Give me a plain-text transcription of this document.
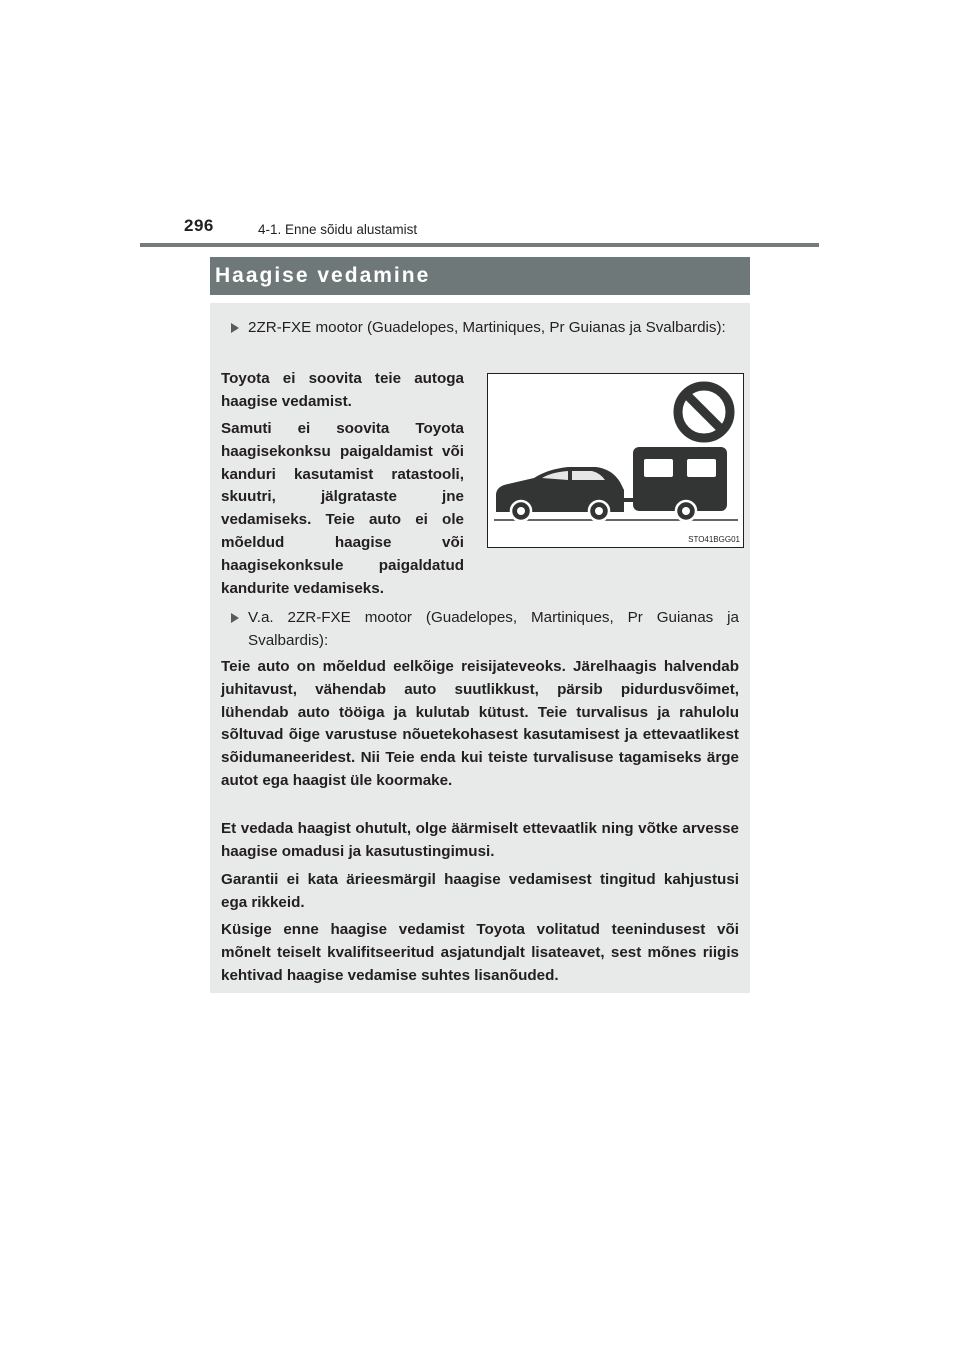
296	4-1. Enne sõidu alustamist
Haagise vedamine
2ZR-FXE mootor (Guadelopes, Martiniques, Pr Guianas ja Svalbardis):

Toyota ei soovita teie autoga haagise vedamist.

Samuti ei soovita Toyota haagisekonksu paigaldamist või kanduri kasutamist ratastooli, skuutri, jälgrataste jne vedamiseks. Teie auto ei ole mõeldud haagise või haagisekonksule paigaldatud kandurite vedamiseks.

STO41BGG01
V.a. 2ZR-FXE mootor (Guadelopes, Martiniques, Pr Guianas ja Svalbardis):

Teie auto on mõeldud eelkõige reisijateveoks. Järelhaagis halvendab juhitavust, vähendab auto suutlikkust, pärsib pidurdusvõimet, lühendab auto tööiga ja kulutab kütust. Teie turvalisus ja rahulolu sõltuvad õige varustuse nõuetekohasest kasutamisest ja ettevaatlikest sõidumaneeridest. Nii Teie enda kui teiste turvalisuse tagamiseks ärge autot ega haagist üle koormake.

Et vedada haagist ohutult, olge äärmiselt ettevaatlik ning võtke arvesse haagise omadusi ja kasutustingimusi.

Garantii ei kata ärieesmärgil haagise vedamisest tingitud kahjustusi ega rikkeid.

Küsige enne haagise vedamist Toyota volitatud teenindusest või mõnelt teiselt kvalifitseeritud asjatundjalt lisateavet, sest mõnes riigis kehtivad haagise vedamise suhtes lisanõuded.
